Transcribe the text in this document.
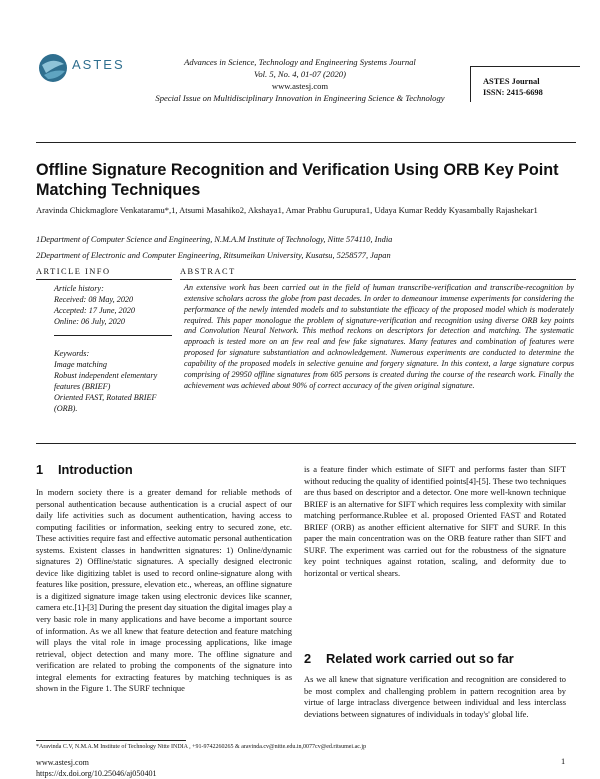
ASTES	Advances in Science, Technology and Engineering Systems Journal
Vol. 5, No. 4, 01-07 (2020)
www.astesj.com
Special Issue on Multidisciplinary Innovation in Engineering Science & Technology
ASTES Journal
ISSN: 2415-6698
Offline Signature Recognition and Verification Using ORB Key Point Matching Techniques
Aravinda Chickmaglore Venkataramu*,1, Atsumi Masahiko2, Akshaya1, Amar Prabhu Gurupura1, Udaya Kumar Reddy Kyasambally Rajashekar1
1Department of Computer Science and Engineering, N.M.A.M Institute of Technology, Nitte 574110, India
2Department of Electronic and Computer Engineering, Ritsumeikan University, Kusatsu, 5258577, Japan
ARTICLE INFO	ABSTRACT
Article history:
Received: 08 May, 2020
Accepted: 17 June, 2020
Online: 06 July, 2020
Keywords:
Image matching
Robust independent elementary features (BRIEF)
Oriented FAST, Rotated BRIEF (ORB).
An extensive work has been carried out in the field of human transcribe-verification and transcribe-recognition by extensive scholars across the globe from past decades. In order to demeanour immense experiments for considering the performance of the newly intended models and to substantiate the efficacy of the proposed model which is moderately required. This paper monologue the problem of signature-verification and recognition using diverse ORB key points and Convolution Neural Network. This method reckons on descriptors for detection and matching. The systematic approach is tested more on an few real and few fake signatures. Many features and combination of features were proposed for signature substantiation and acknowledgement. Numerous experiments are conducted to determine the capability of the proposed models in selective genuine and forgery signature. In this context, a large signature corpus comprising of 29950 offline signatures from 605 persons is created during the course of the research work. Finally the achievement was achieved about 90% of correct accuracy of the given original signature.
1 Introduction
In modern society there is a greater demand for reliable methods of personal authentication because authentication is a crucial aspect of our daily life activities such as document authentication, having access to computing facilities or information, seeking entry to secured zone, etc. These activities require fast and effective automatic personal authentication systems. Existent classes in handwritten signatures: 1) Online/dynamic signatures 2) Offline/static signatures. A specially designed electronic device like digitizing tablet is used to record online-signature along with features like position, pressure, elevation etc., whereas, an offline signature is a digitized signature image taken using electronic devices like scanner, camera etc.[1]-[3] During the present day situation the digital images play a very basic role in many applications and have become a important source of information. As we all knew that feature detection and feature matching will plays the vital role in image processing applications, like image retrieval, object detection and many more. The offline signature and verification are related to probing the components of the signature into integral elements for extracting features by matching techniques is as shown in the Figure 1. The SURF technique
is a feature finder which estimate of SIFT and performs faster than SIFT without reducing the quality of identified points[4]-[5]. These two techniques are thus based on descriptor and a detector. One more well-known technique BRIEF is an alternative for SIFT which requires less complexity with similar matching performance.Rublee et al. proposed Oriented FAST and Rotated BRIEF (ORB) as another efficient alternative for SIFT and SURF. In this paper the main concentration was on the ORB feature rather than SIFT and SURF. The experiment was carried out for the robustness of the signature key point techniques against rotation, scaling, and deformity due to horizontal or vertical shears.
2 Related work carried out so far
As we all knew that signature verification and recognition are considered to be most complex and challenging problem in pattern recognition area by virtue of large intraclass divergence between individual and less interclass deviations between signatures of individuals in today's' global life.
*Aravinda C.V, N.M.A.M Institute of Technology Nitte INDIA , +91-9742260265 & aravinda.cv@nitte.edu.in,0077cv@ed.ritsumei.ac.jp
www.astesj.com
https://dx.doi.org/10.25046/aj050401
1
